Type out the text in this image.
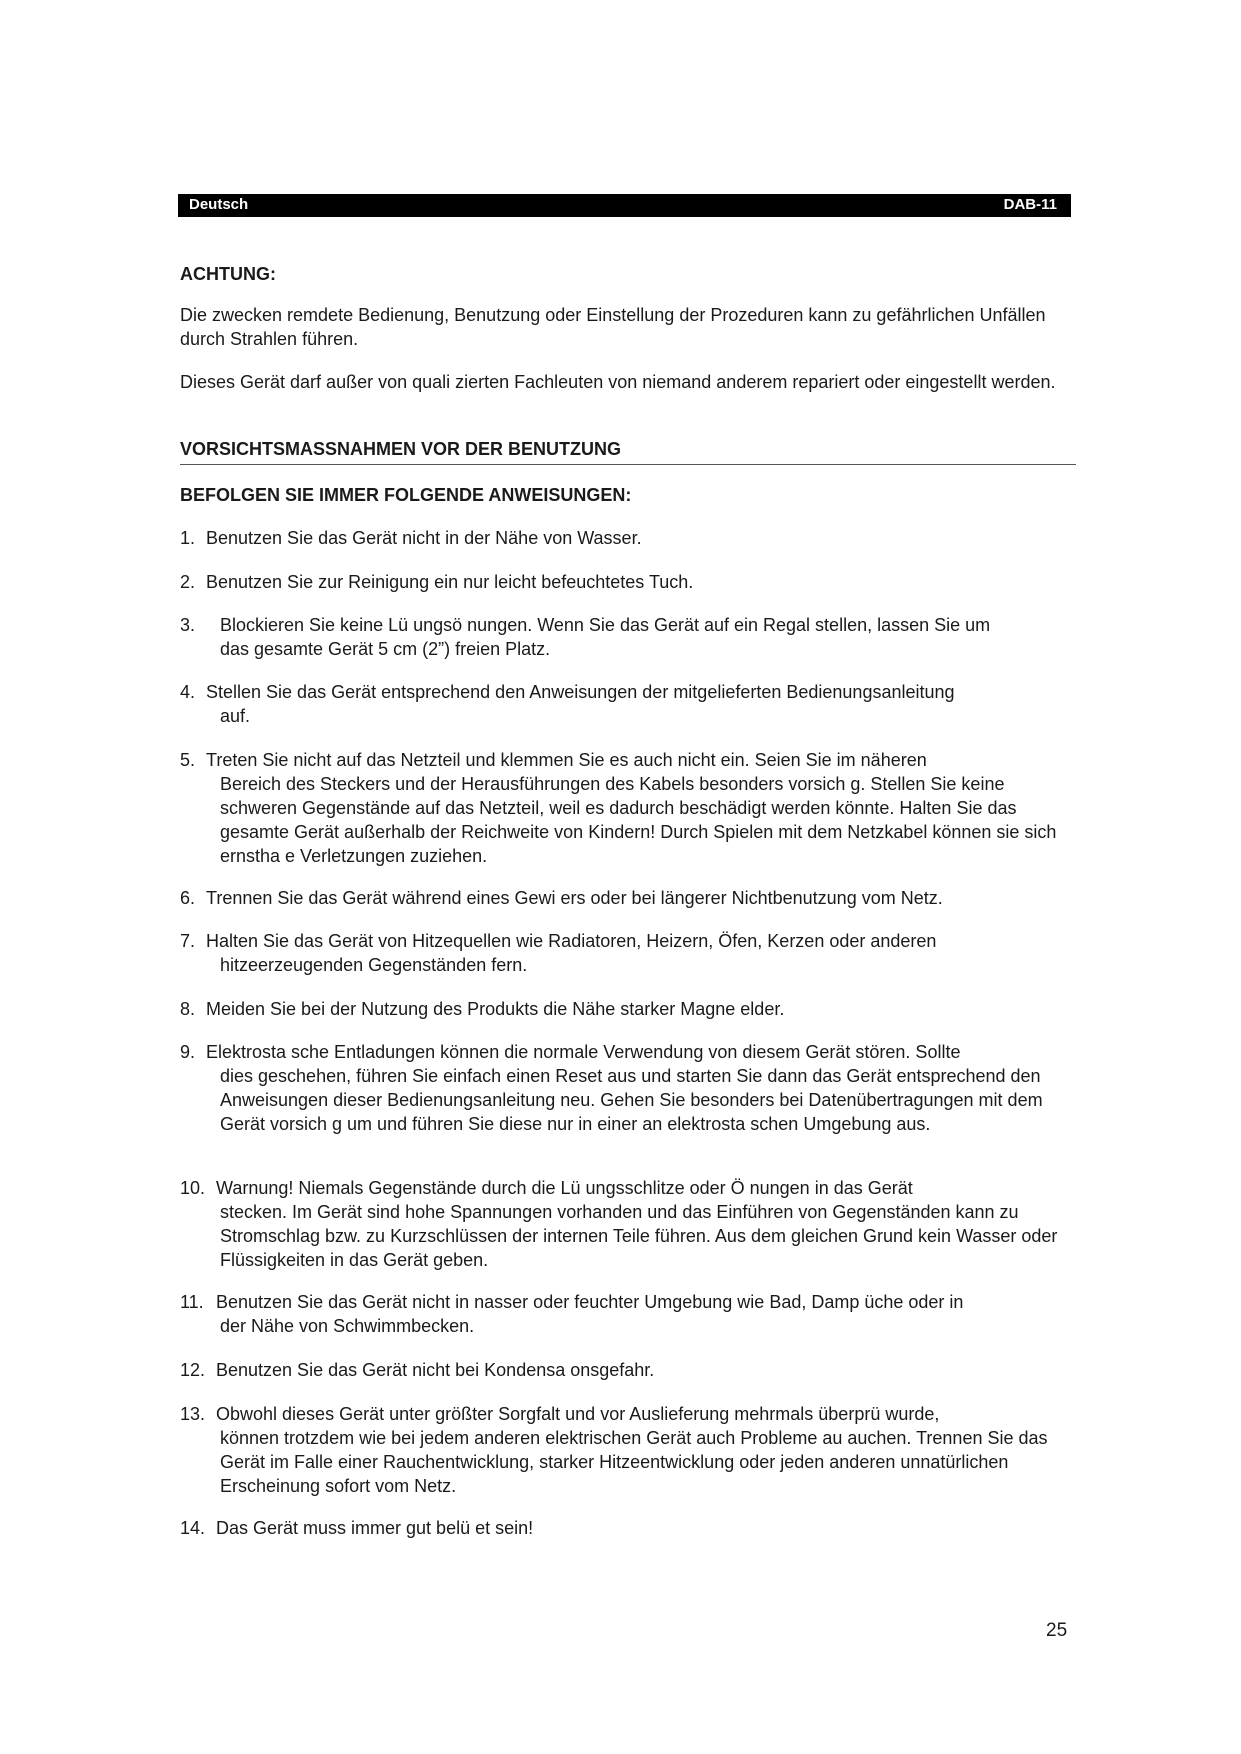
Deutsch	DAB-11
ACHTUNG:
Die zwecken remdete Bedienung, Benutzung oder Einstellung der Prozeduren kann zu gefährlichen Unfällen durch Strahlen führen.
Dieses Gerät darf außer von quali zierten Fachleuten von niemand anderem repariert oder eingestellt werden.
VORSICHTSMASSNAHMEN VOR DER BENUTZUNG
BEFOLGEN SIE IMMER FOLGENDE ANWEISUNGEN:
1. Benutzen Sie das Gerät nicht in der Nähe von Wasser.
2. Benutzen Sie zur Reinigung ein nur leicht befeuchtetes Tuch.
3.	Blockieren Sie keine Lü ungsö nungen. Wenn Sie das Gerät auf ein Regal stellen, lassen Sie um
das gesamte Gerät 5 cm (2”) freien Platz.
4. Stellen Sie das Gerät entsprechend den Anweisungen der mitgelieferten Bedienungsanleitung
auf.
5. Treten Sie nicht auf das Netzteil und klemmen Sie es auch nicht ein. Seien Sie im näheren
Bereich des Steckers und der Herausführungen des Kabels besonders vorsich g. Stellen Sie keine schweren Gegenstände auf das Netzteil, weil es dadurch beschädigt werden könnte. Halten Sie das gesamte Gerät außerhalb der Reichweite von Kindern! Durch Spielen mit dem Netzkabel können sie sich ernstha e Verletzungen zuziehen.
6. Trennen Sie das Gerät während eines Gewi ers oder bei längerer Nichtbenutzung vom Netz.
7. Halten Sie das Gerät von Hitzequellen wie Radiatoren, Heizern, Öfen, Kerzen oder anderen
hitzeerzeugenden Gegenständen fern.
8. Meiden Sie bei der Nutzung des Produkts die Nähe starker Magne elder.
9. Elektrosta sche Entladungen können die normale Verwendung von diesem Gerät stören. Sollte
dies geschehen, führen Sie einfach einen Reset aus und starten Sie dann das Gerät entsprechend den Anweisungen dieser Bedienungsanleitung neu. Gehen Sie besonders bei Datenübertragungen mit dem Gerät vorsich g um und führen Sie diese nur in einer an elektrosta schen Umgebung aus.
10. Warnung! Niemals Gegenstände durch die Lü ungsschlitze oder Ö nungen in das Gerät
stecken. Im Gerät sind hohe Spannungen vorhanden und das Einführen von Gegenständen kann zu Stromschlag bzw. zu Kurzschlüssen der internen Teile führen. Aus dem gleichen Grund kein Wasser oder Flüssigkeiten in das Gerät geben.
11. Benutzen Sie das Gerät nicht in nasser oder feuchter Umgebung wie Bad, Damp üche oder in
der Nähe von Schwimmbecken.
12. Benutzen Sie das Gerät nicht bei Kondensa onsgefahr.
13. Obwohl dieses Gerät unter größter Sorgfalt und vor Auslieferung mehrmals überprü wurde,
können trotzdem wie bei jedem anderen elektrischen Gerät auch Probleme au auchen. Trennen Sie das Gerät im Falle einer Rauchentwicklung, starker Hitzeentwicklung oder jeden anderen unnatürlichen Erscheinung sofort vom Netz.
14. Das Gerät muss immer gut belü et sein!
25
